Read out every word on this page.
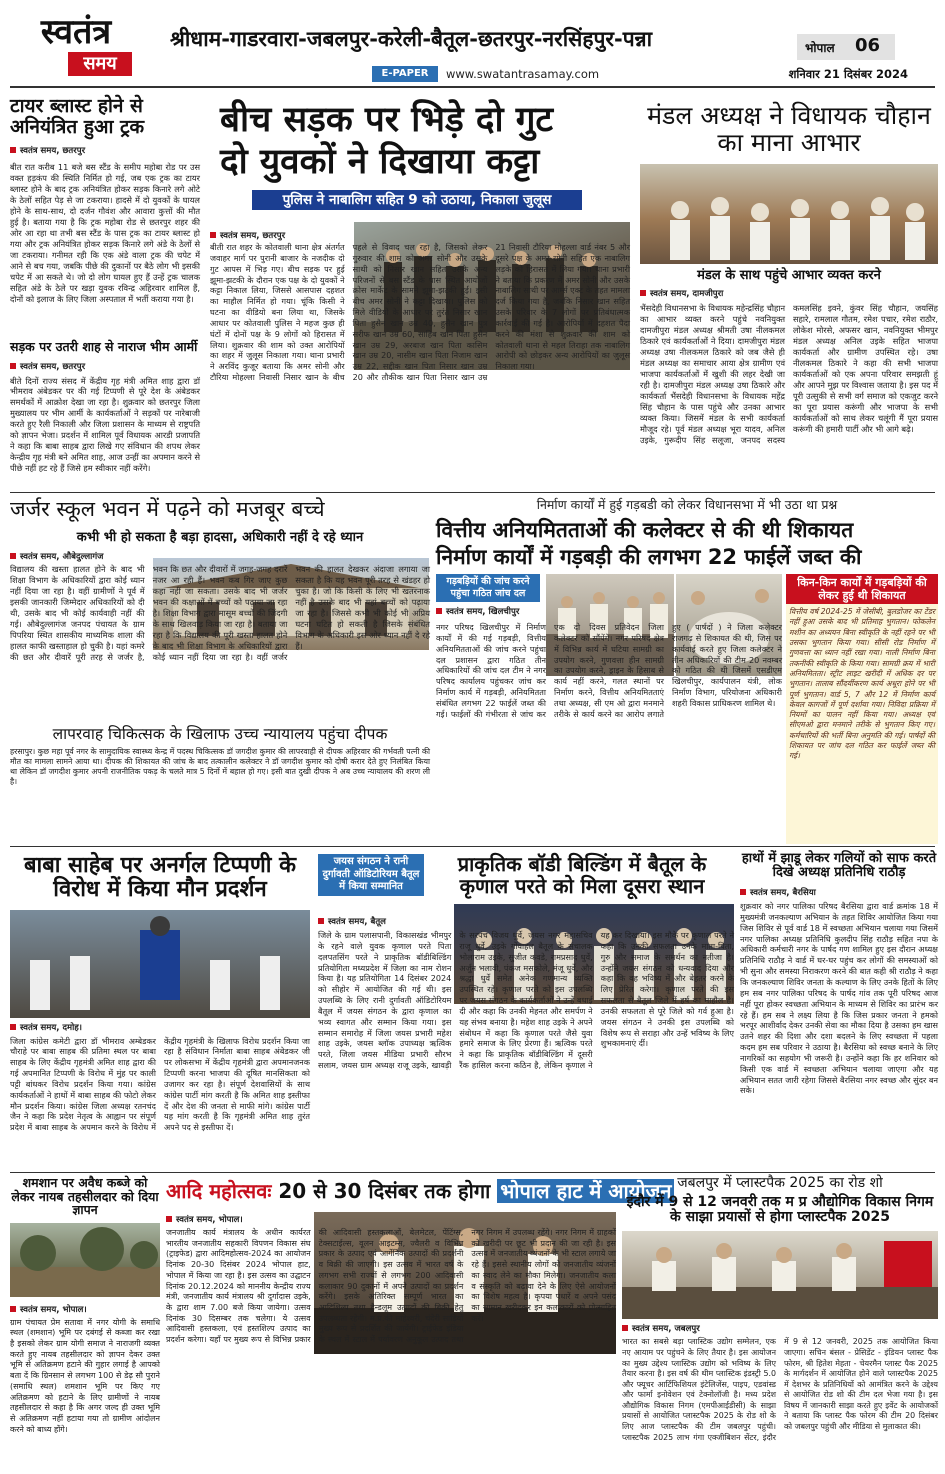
स्वतंत्र
समय
श्रीधाम-गाडरवारा-जबलपुर-करेली-बैतूल-छतरपुर-नरसिंहपुर-पन्ना	भोपाल 06
E-PAPER	www.swatantrasamay.com	शनिवार 21 दिसंबर 2024
टायर ब्लास्ट होने से अनियंत्रित हुआ ट्रक
स्वतंत्र समय, छतरपुर
बीत रात करीब 11 बजे बस स्टैंड के समीप महोबा रोड पर उस वक्त हड़कंप की स्थिति निर्मित हो गई, जब एक ट्रक का टायर ब्लास्ट होने के बाद ट्रक अनियंत्रित होकर सड़क किनारे लगे ओटे के ठेलों सहित पेड़ से जा टकराया। हादसे में दो युवकों के घायल होने के साथ-साथ, दो दर्जन गौवंश और आवारा कुत्तों की मौत हुई है। बताया गया है कि ट्रक महोबा रोड से छतरपुर शहर की ओर आ रहा था तभी बस स्टैंड के पास ट्रक का टायर ब्लास्ट हो गया और ट्रक अनियंत्रित होकर सड़क किनारे लगे अंडे के ठेलों से जा टकराया। गनीमत रही कि एक अंडे वाला ट्रक की चपेट में आने से बच गया, जबकि पीछे की दुकानों पर बैठे लोग भी इसकी चपेट में आ सकते थे। जो दो लोग घायल हुए हैं उन्हें ट्रक चालक सहित अंडे के ठेले पर खड़ा युवक रविन्द्र अहिरवार शामिल हैं, दोनों को इलाज के लिए जिला अस्पताल में भर्ती कराया गया है।
सड़क पर उतरी शाह से नाराज भीम आर्मी
स्वतंत्र समय, छतरपुर
बीते दिनों राज्य संसद में केंद्रीय गृह मंत्री अमित शाह द्वारा डॉ भीमराव अंबेडकर पर की गई टिप्पणी से पूरे देश के अंबेडकर समर्थकों में आक्रोश देखा जा रहा है। शुक्रवार को छतरपुर जिला मुख्यालय पर भीम आर्मी के कार्यकर्ताओं ने सड़कों पर नारेबाजी करते हुए रैली निकाली और जिला प्रशासन के माध्यम से राष्ट्रपति को ज्ञापन भेजा। प्रदर्शन में शामिल पूर्व विधायक आरडी प्रजापति ने कहा कि बाबा साहब द्वारा लिखे गए संविधान की शपथ लेकर केन्द्रीय गृह मंत्री बने अमित शाह, आज उन्हीं का अपमान करने से पीछे नहीं हट रहे हैं जिसे हम स्वीकार नहीं करेंगे।
बीच सड़क पर भिड़े दो गुट
दो युवकों ने दिखाया कट्टा
पुलिस ने नाबालिग सहित 9 को उठाया, निकाला जुलूस
स्वतंत्र समय, छतरपुर
बीती रात शहर के कोतवाली थाना क्षेत्र अंतर्गत जवाहर मार्ग पर पुरानी बाजार के नजदीक दो गुट आपस में भिड़ गए। बीच सड़क पर हुई झूमा-झटकी के दौरान एक पक्ष के दो युवकों ने कट्टा निकाल लिया, जिससे आसपास दहशत का माहौल निर्मित हो गया। चूंकि किसी ने घटना का वीडियो बना लिया था, जिसके आधार पर कोतवाली पुलिस ने महज कुछ ही घंटों में दोनों पक्ष के 9 लोगों को हिरासत में लिया। शुक्रवार की शाम को उक्त आरोपियों का शहर में जुलूस निकाला गया। थाना प्रभारी ने अरविंद कुजूर बताया कि अमर सोनी और टौरिया मोहल्ला निवासी निसार खान के बीच पहले से विवाद चल रहा है, जिसको लेकर गुरुवार की शाम को अमर सोनी और उसके साथी को निसार खान सहित उसके अन्य परिजनों से बस स्टैंड के पास स्थित आयोजों क्रोस मार्केट के सामने झूमा-झटकी हुई। इसी बीच अमर सोनी ने कट्टा दिखाया। पुलिस को मिले वीडियो के आधार पर तुरंत निसार खान पिता हुसैन खान उम्र 40, हुसैन खान पुत्र सरीफ खान उम्र 60, साहिब खान पिता हुसैन खान उम्र 29, अरबाज खान पिता कासिम खान उम्र 20, नासीम खान पिता निजाम खान उम्र 22, सद्दीक खान पिता निसार खान उम्र 20 और तौकीक खान पिता निसार खान उम्र 21 निवासी टौरिया मोहल्ला वार्ड नंबर 5 और दूसरे पक्ष के अमर सोनी सहित एक नाबालिग लड़के को हिरासत में लिया गया। थाना प्रभारी ने बताया कि प्रकरण में अमर सोनी और उसके नाबालिग साथी पर आर्म्स एक्ट के तहत मामला दर्ज किया गया है, जबकि निसार खान सहित उसके परिवार के 7 लोगों पर प्रतिबंधात्मक कार्रवाई की गई है। आरोपियों में दहशत पैदा करने की मंशा से शुक्रवार की शाम को कोतवाली थाना से महल तिराहा तक नाबालिग आरोपी को छोड़कर अन्य आरोपियों का जुलूस निकाला गया।
मंडल अध्यक्ष ने विधायक चौहान का माना आभार
मंडल के साथ पहुंचे आभार व्यक्त करने
स्वतंत्र समय, दामजीपुरा
भैंसदेही विधानसभा के विधायक महेन्द्रसिंह चौहान का आभार व्यक्त करने पहुंचे नवनियुक्त दामजीपुरा मंडल अध्यक्ष श्रीमती उषा नीलकमल ठिकारे एवं कार्यकर्ताओं ने दिया। दामजीपुरा मंडल अध्यक्ष उषा नीलकमल ठिकारे को जब जैसे ही मंडल अध्यक्ष का समाचार आया क्षेत्र ग्रामीण एवं भाजपा कार्यकर्ताओं में खुशी की लहर देखी जा रही है। दामजीपुरा मंडल अध्यक्ष उषा ठिकारे और कार्यकर्ता भैंसदेही विधानसभा के विधायक महेंद्र सिंह चौहान के पास पहुंचे और उनका आभार व्यक्त किया। जिसमें मंडल के सभी कार्यकर्ता मौजूद रहे। पूर्व मंडल अध्यक्ष भूरा यादव, अनिल उइके, गुरूदीप सिंह सलूजा, जनपद सदस्य कमलसिंह इवने, कुंवर सिंह चौहान, जयसिंह सहारे, रामलाल गौतम, रमेश पचार, रमेश राठौर, लोकेश मोरसे, अफसर खान, नवनियुक्त भीमपुर मंडल अध्यक्ष अनिल उइके सहित भाजपा कार्यकर्ता और ग्रामीण उपस्थित रहे। उषा नीलकमल ठिकारे ने कहा की सभी भाजपा कार्यकर्ताओं को एक अपना परिवार समझती हूं और आपने मुझ पर विश्वास जताया है। इस पद में पूरी उत्सुकी से सभी वर्ग समाज को एकजुट करने का पूरा प्रयास करूंगी और भाजपा के सभी कार्यकर्ताओं को साथ लेकर चलूंगी मैं पूरा प्रयास करूंगी की हमारी पार्टी और भी आगे बढ़े।
जर्जर स्कूल भवन में पढ़ने को मजबूर बच्चे
कभी भी हो सकता है बड़ा हादसा, अधिकारी नहीं दे रहे ध्यान
स्वतंत्र समय, औबेदुल्लागंज
विद्यालय की खस्ता हालत होने के बाद भी शिक्षा विभाग के अधिकारियों द्वारा कोई ध्यान नहीं दिया जा रहा है। वहीं ग्रामीणों ने पूर्व में इसकी जानकारी जिम्मेदार अधिकारियों को दी थी, उसके बाद भी कोई कार्यवाही नहीं की गई। औबेदुल्लागंज जनपद पंचायत के ग्राम पिपरिया स्थित शासकीय माध्यमिक शाला की हालत काफी खस्ताहाल हो चुकी है। यहां कमरे की छत और दीवारें पूरी तरह से जर्जर है, भवन कि छत और दीवारों में जगह-जगह दरारें नजर आ रही हैं। भवन कब गिर जाए कुछ कहा नहीं जा सकता। उसके बाद भी जर्जर भवन की कक्षाओं में बच्चों को पढ़ाया जा रहा है। शिक्षा विभाग द्वारा मासूम बच्चों की जिंदगी के साथ खिलवाड़ किया जा रहा है। बताया जा रहा है कि विद्यालय की पूरी खस्ता हालत होने के बाद भी शिक्षा विभाग के अधिकारियों द्वारा कोई ध्यान नहीं दिया जा रहा है। वहीं जर्जर भवन की हालत देखकर अंदाजा लगाया जा सकता है कि यह भवन पूरी तरह से खंडहर हो चुका है। जो कि किसी के लिए भी खतरनाक नहीं है उसके बाद भी यहां बच्चों को पढ़ाया जा रहा है। जिससे कभी भी कोई भी अप्रिय घटना घटित हो सकती है जिसके संबंधित विभाग के अधिकारी इस ओर ध्यान नहीं दे रहे हैं।
लापरवाह चिकित्सक के खिलाफ उच्च न्यायालय पहुंचा दीपक
हरसापुर। कुछ महा पूर्व नगर के सामुदायिक स्वास्थ्य केन्द्र में पदस्थ चिकित्सक डॉ जगदीश कुमार की लापरवाही से दीपक अहिरवार की गर्भवती पत्नी की मौत का मामला सामने आया था। दीपक की शिकायत की जांच के बाद तत्कालीन कलेक्टर ने डॉ जगदीश कुमार को दोषी करार देते हुए निलंबित किया था लेकिन डॉ जगदीश कुमार अपनी राजनीतिक पकड़ के चलते मात्र 5 दिनों में बहाल हो गए। इसी बात दुखी दीपक ने अब उच्च न्यायालय की शरण ली है।
निर्माण कार्यों में हुई गड़बडी को लेकर विधानसभा में भी उठा था प्रश्न
वित्तीय अनियमितताओं की कलेक्टर से की थी शिकायत
निर्माण कार्यों में गड़बड़ी की लगभग 22 फाईलें जब्त की
गड़बड़ियों की जांच करने पहुंचा गठित जांच दल
स्वतंत्र समय, खिलचीपुर
किन-किन कार्यों में गड़बड़ियों की लेकर हुई थी शिकायत
वित्तीय वर्ष 2024-25 में जेसीबी, बुलडोजर का टेंडर नहीं हुआ उसके बाद भी प्रतिमाह भुगतान। फोकलेन मशीन का अध्ययन बिना स्वीकृति के नहीं रहने पर भी उसका भुगतान किया गया। सीसी रोड निर्माण में गुणवत्ता का ध्यान नहीं रखा गया। नाली निर्माण बिना तकनीकी स्वीकृति के किया गया। सामग्री क्रय में भारी अनियमितता। स्ट्रीट लाइट खरीदी में अधिक दर पर भुगतान। तालाब सौंदर्यीकरण कार्य अधूरा होने पर भी पूर्ण भुगतान। वार्ड 5, 7 और 12 में निर्माण कार्य केवल कागजों में पूर्ण दर्शाया गया। निविदा प्रक्रिया में नियमों का पालन नहीं किया गया। अध्यक्ष एवं सीएमओ द्वारा मनमाने तरीके से भुगतान किए गए। कर्मचारियों की भर्ती बिना अनुमति की गई। पार्षदों की शिकायत पर जांच दल गठित कर फाईलें जब्त की गई।
नगर परिषद खिलचीपुर में निर्माण कार्यों में की गई गड़बड़ी, वित्तीय अनियमितताओं की जांच करने पहुंचा दल प्रशासन द्वारा गठित तीन अधिकारियों की जांच दल टीम ने नगर परिषद कार्यालय पहुंचकर जांच कर निर्माण कार्य में गड़बड़ी, अनियमितता संबंधित लगभग 22 फाईलें जब्त की गई। फाईलों की गंभीरता से जांच कर एक दो दिवस प्रतिवेदन जिला कलेक्टर को सौंपेंगे। नगर परिषद क्षेत्र में विभिन्न कार्य में घटिया सामग्री का उपयोग करने, गुणवत्ता हीन सामग्री का उपयोग करने, ड्राइन के हिसाब से कार्य नहीं करने, गलत स्थानों पर निर्माण करने, वित्तीय अनियमितताएं तथा अध्यक्ष, सी एम ओ द्वारा मनमाने तरीके से कार्य करने का आरोप लगाते हुए ( पार्षदों ) ने जिला कलेक्टर राजगढ़ से शिकायत की थी, जिस पर कार्यवाई करते हुए जिला कलेक्टर ने तीन अधिकारियों की टीम 20 नवम्बर को गठित की थी जिसमें एसडीएम खिलचीपुर, कार्यपालन यंत्री, लोक निर्माण विभाग, परियोजना अधिकारी शहरी विकास प्राधिकरण शामिल थे।
बाबा साहेब पर अनर्गल टिप्पणी के विरोध में किया मौन प्रदर्शन
स्वतंत्र समय, दमोह।
जिला कांग्रेस कमेटी द्वारा डॉ भीमराव अम्बेडकर चौराहे पर बाबा साहब की प्रतिमा स्थल पर बाबा साहब के लिए केंद्रीय गृहमंत्री अमित शाह द्वारा की गई अपमानित टिप्पणी के विरोध में मुंह पर काली पट्टी बांधकर विरोध प्रदर्शन किया गया। कांग्रेस कार्यकर्ताओं ने हाथों में बाबा साहब की फोटो लेकर मौन प्रदर्शन किया। कांग्रेस जिला अध्यक्ष रतनचंद जैन ने कहा कि प्रदेश नेतृत्व के आह्वान पर संपूर्ण प्रदेश में बाबा साहब के अपमान करने के विरोध में केंद्रीय गृहमंत्री के खिलाफ विरोध प्रदर्शन किया जा रहा है संविधान निर्माता बाबा साहब अंबेडकर जी पर लोकसभा में केंद्रीय गृहमंत्री द्वारा अपमानजनक टिप्पणी करना भाजपा की दूषित मानसिकता को उजागर कर रहा है। संपूर्ण देशवासियों के साथ कांग्रेस पार्टी मांग करती है कि अमित शाह इस्तीफा दें और देश की जनता से माफी मांगे। कांग्रेस पार्टी यह मांग करती है कि गृहमंत्री अमित शाह तुरंत अपने पद से इस्तीफा दें।
जयस संगठन ने रानी दुर्गावती ऑडिटोरियम बैतूल में किया सम्मानित
स्वतंत्र समय, बैतूल
प्राकृतिक बॉडी बिल्डिंग में बैतूल के कृणाल परते को मिला दूसरा स्थान
जिले के ग्राम पलासपानी, विकासखंड भीमपुर के रहने वाले युवक कृणाल परते पिता दलपतसिंग परते ने प्राकृतिक बॉडीबिल्डिंग प्रतियोगिता मध्यप्रदेश में जिला का नाम रोशन किया है। यह प्रतियोगिता 14 दिसंबर 2024 को सीहोर में आयोजित की गई थी। इस उपलब्धि के लिए रानी दुर्गावती ऑडिटोरियम बैतूल में जयस संगठन के द्वारा कृणाल का भव्य स्वागत और सम्मान किया गया। इस सम्मान समारोह में जिला जयस प्रभारी महेश शाह उइके, जयस ब्लॉक उपाध्यक्ष ऋत्विक परते, जिला जयस मीडिया प्रभारी सौरभ सलाम, जयस ग्राम अध्यक्ष राजू उइके, खावड़ी के सरपंच विजय धुर्वे, जयस नगर महासचिव राजू धुर्वे, उइके गोंवाहल बैतूल के संचालक भोलाराम उइके, सुजीत कवडे, रामप्रसाद धुर्वे, अर्जुन भलावी, पंकज मसकोले, मंजू धुर्वे, और श्रद्धा धुर्वे समेत अनेक गणमान्य व्यक्ति उपस्थित रहे। कृणाल परते को इस उपलब्धि पर जयस संगठन के कार्यकर्ताओं ने उन्हें बधाई दी और कहा कि उनकी मेहनत और समर्पण ने यह संभव बनाया है। महेश शाह उइके ने अपने संबोधन में कहा कि कृणाल परते जैसे युवा हमारे समाज के लिए प्रेरणा हैं। ऋत्विक परते ने कहा कि प्राकृतिक बॉडीबिल्डिंग में दूसरी रैंक हासिल करना कठिन है, लेकिन कृणाल ने यह कर दिखाया। इस मौके पर कृणाल परते ने कहा कि उनकी सफलता उनके माता-पिता, गुरु और समाज के समर्थन का नतीजा है। उन्होंने जयस संगठन को धन्यवाद दिया और कहा कि वह भविष्य में और बेहतर करने के लिए प्रेरित करेगा। कृणाल परते की इस सफलता से बैतूल जिले में हर्ष का माहौल है। उनकी सफलता से पूरे जिले को गर्व हुआ है। जयस संगठन ने उनकी इस उपलब्धि को विशेष रूप से सराहा और उन्हें भविष्य के लिए शुभकामनाएं दीं।
हाथों में झाडू लेकर गलियों को साफ करते दिखे अध्यक्ष प्रतिनिधि राठौड़
स्वतंत्र समय, बैरसिया
शुक्रवार को नगर पालिका परिषद बैरसिया द्वारा वार्ड क्रमांक 18 में मुख्यमंत्री जनकल्याण अभियान के तहत शिविर आयोजित किया गया जिस शिविर से पूर्व वार्ड 18 में स्वच्छता अभियान चलाया गया जिसमें नगर पालिका अध्यक्ष प्रतिनिधि कुलदीप सिंह राठौड़ सहित नपा के अधिकारी कर्मचारी नगर के पार्षद गण शामिल हुए इस दौरान अध्यक्ष प्रतिनिधि राठौड़ ने वार्ड में घर-घर पहुंच कर लोगों की समस्याओं को भी सुना और समस्या निराकरण करने की बात कही श्री राठौड़ ने कहा कि जनकल्याण शिविर जनता के कल्याण के लिए उनके हितों के लिए हम सब नगर पालिका परिषद के पार्षद गांव तक पूरी परिषद आज नहीं पूरा होकर स्वच्छता अभियान के माध्यम से शिविर का प्रारंभ कर रहे हैं। हम सब ने लक्ष्य लिया है कि जिस प्रकार जनता ने हमको भरपूर आशीर्वाद देकर उनकी सेवा का मौका दिया है उसका हम खास उतने शहर की दिशा और दशा बदलने के लिए स्वच्छता में पहला कदम हम सब परिवार ने उठाया है। बैरसिया को स्वच्छ बनाने के लिए नागरिकों का सहयोग भी जरूरी है। उन्होंने कहा कि हर शनिवार को किसी एक वार्ड में स्वच्छता अभियान चलाया जाएगा और यह अभियान सतत जारी रहेगा जिससे बैरसिया नगर स्वच्छ और सुंदर बन सके।
शमशान पर अवैध कब्जे को लेकर नायब तहसीलदार को दिया ज्ञापन
स्वतंत्र समय, भोपाल।
ग्राम पंचायत प्रेम सतावा में नगर योगी के समाधि स्थल (शमशान) भूमि पर दबंगई से कब्जा कर रखा है इसको लेकर ग्राम योगी समाज ने नाराजगी व्यक्त करते हुए नायब तहसीलदार को ज्ञापन देकर उक्त भूमि से अतिक्रमण हटाने की गुहार लगाई है आपको बता दें कि ग्रिनसान से लगभग 100 से डेढ़ सौ पुराने (समाधि स्थल) शमशान भूमि पर किए गए अतिक्रमण को हटाने के लिए ग्रामीणों ने नायब तहसीलदार से कहा है कि अगर जल्द ही उक्त भूमि से अतिक्रमण नहीं हटाया गया तो ग्रामीण आंदोलन करने को बाध्य होंगे।
आदि महोत्सवः 20 से 30 दिसंबर तक होगा भोपाल हाट में आयोजन
स्वतंत्र समय, भोपाल।
जनजातीय कार्य मंत्रालय के अधीन कार्यरत भारतीय जनजातीय सहकारी विपणन विकास संघ (ट्राइफेड) द्वारा आदिमहोत्सव-2024 का आयोजन दिनांक 20-30 दिसंबर 2024 भोपाल हाट, भोपाल में किया जा रहा है। इस उत्सव का उद्घाटन दिनांक 20.12.2024 को माननीय केन्द्रीय राज्य मंत्री, जनजातीय कार्य मंत्रालय श्री दुर्गादास उइके, के द्वारा शाम 7.00 बजे किया जायेगा। उत्सव दिनांक 30 दिसम्बर तक चलेगा। ये उत्सव आदिवासी हस्तकला, एवं हस्तशिल्प उत्पाद का प्रदर्शन करेगा। यहाँ पर मुख्य रूप से विभिन्न प्रकार की आदिवासी हस्तकलाओं, बेलमेटल, पेंटिंग्स, टेक्सटाईल्स, वूलन आइटम्स, ज्वैलरी व विभिन्न प्रकार के उत्पाद एवं आर्गेनिक उत्पादों की प्रदर्शनी व बिक्री की जाएगी। इस उत्सव में भारत वर्ष के लगभग सभी राज्यों से लगभग 200 आदिवासी कलाकार 90 दुकानों में अपने उत्पादों का प्रदर्शन करेंगे। इसके अतिरिक्त सम्पूर्ण भारत का आदिशिल्प तथा हैन्डलूम उत्पादों की बिक्री हेतु उपलब्धता रहेगी। म.प्र.की माहेश्वरी, चंदेरी साड़ियों मुख्य रूप से प्रदर्शित की जायेंगी। ट्राईफेड इंडिया के स्थल में स्टाल में पर्यावरण अनुकूल उत्पाद तथा नगर निगम में उपलब्ध रहेंगे। नगर निगम में ग्राहकों को खरीदी पर छूट भी प्रदान की जा रही है। इस उत्सव में जनजातीय व्यंजनों के भी स्टाल लगाये जा रहे हैं। इससे स्थानीय लोगों को जनजातीय व्यंजनों का स्वाद लेने का मौका मिलेगा। जनजातीय कला व संस्कृति को बढ़ावा देने के लिए ऐसे आयोजनों का विशेष महत्व है। कृपया पधारें व अपने पसंद का सामान खरीदकर इन कलाकारों को प्रोत्साहित करें।
जबलपुर में प्लास्टपैक 2025 का रोड शो
इंदौर में 9 से 12 जनवरी तक म प्र औद्योगिक विकास निगम के साझा प्रयासों से होगा प्लास्टपैक 2025
स्वतंत्र समय, जबलपुर
भारत का सबसे बड़ा प्लास्टिक उद्योग सम्मेलन, एक नए आयाम पर पहुंचने के लिए तैयार है। इस आयोजन का मुख्य उद्देश्य प्लास्टिक उद्योग को भविष्य के लिए तैयार करना है। इस वर्ष की थीम प्लास्टिक इंडस्ट्री 5.0 और फ्यूचर आर्टिफिशियल इंटेलिजेंस, पाइप, एडवांस्ड और फार्मा इनोवेशन एवं टेक्नोलॉजी है। मध्य प्रदेश औद्योगिक विकास निगम (एमपीआईडीसी) के साझा प्रयासों से आयोजित प्लास्टपैक 2025 के रोड शो के लिए आज प्लास्टपैक की टीम जबलपुर पहुंची। प्लास्टपैक 2025 लाभ गंगा एक्जीबिशन सेंटर, इंदौर में 9 से 12 जनवरी, 2025 तक आयोजित किया जाएगा। सचिन बंसल - प्रेसिडेंट - इंडियन प्लास्ट पैक फोरम, श्री हितेश मेहता - चेयरमैन प्लास्ट पैक 2025 के मार्गदर्शन में आयोजित होने वाले प्लास्टपैक 2025 में देशभर के प्रतिनिधियों को आमंत्रित करने के उद्देश्य से आयोजित रोड शो की टीम दल भेजा गया है। इस विषय में जानकारी साझा करते हुए इवेंट के आयोजकों ने बताया कि प्लास्ट पैक फोरम की टीम 20 दिसंबर को जबलपुर पहुंची और मीडिया से मुलाकात की।
